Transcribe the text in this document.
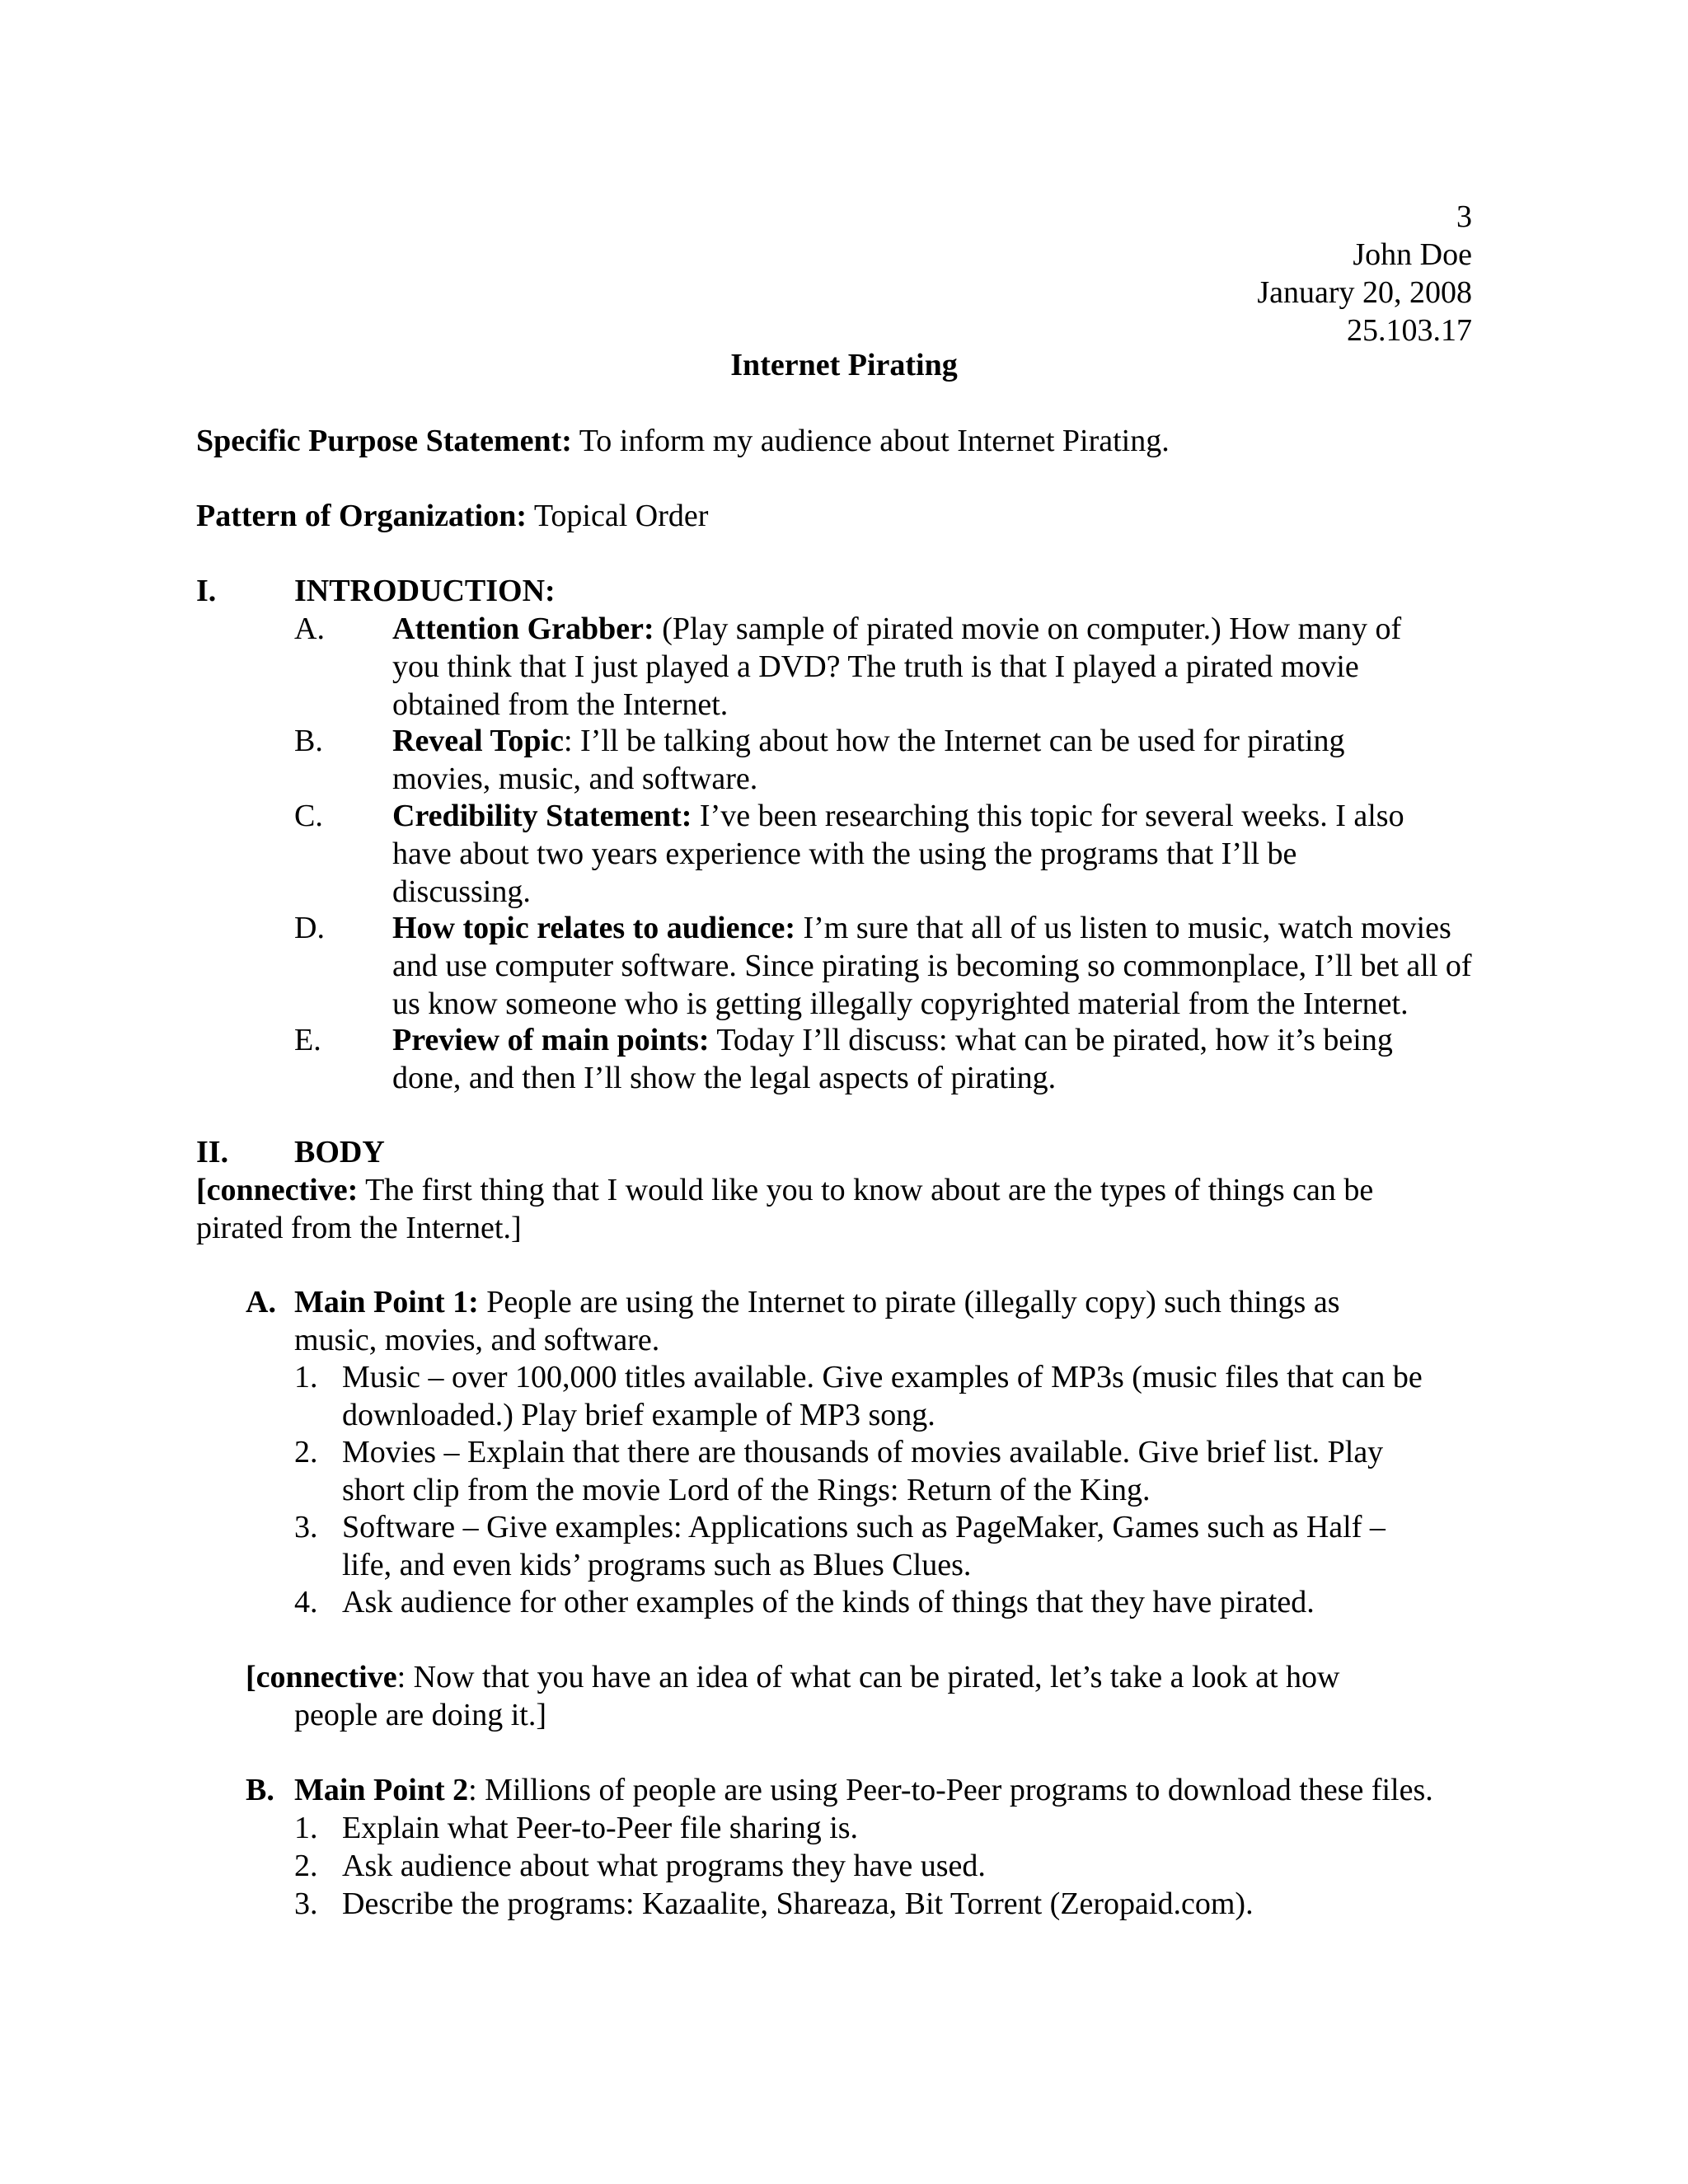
3
John Doe
January 20, 2008
25.103.17
Internet Pirating
Specific Purpose Statement: To inform my audience about Internet Pirating.
Pattern of Organization: Topical Order
I. INTRODUCTION:
A. Attention Grabber: (Play sample of pirated movie on computer.) How many of
you think that I just played a DVD? The truth is that I played a pirated movie
obtained from the Internet.
B. Reveal Topic: I’ll be talking about how the Internet can be used for pirating
movies, music, and software.
C. Credibility Statement: I’ve been researching this topic for several weeks. I also
have about two years experience with the using the programs that I’ll be
discussing.
D. How topic relates to audience: I’m sure that all of us listen to music, watch movies
and use computer software. Since pirating is becoming so commonplace, I’ll bet all of
us know someone who is getting illegally copyrighted material from the Internet.
E. Preview of main points: Today I’ll discuss: what can be pirated, how it’s being
done, and then I’ll show the legal aspects of pirating.
II. BODY
[connective: The first thing that I would like you to know about are the types of things can be
pirated from the Internet.]
A. Main Point 1: People are using the Internet to pirate (illegally copy) such things as
music, movies, and software.
1. Music – over 100,000 titles available. Give examples of MP3s (music files that can be
downloaded.) Play brief example of MP3 song.
2. Movies – Explain that there are thousands of movies available. Give brief list. Play
short clip from the movie Lord of the Rings: Return of the King.
3. Software – Give examples: Applications such as PageMaker, Games such as Half –
life, and even kids’ programs such as Blues Clues.
4. Ask audience for other examples of the kinds of things that they have pirated.
[connective: Now that you have an idea of what can be pirated, let’s take a look at how
people are doing it.]
B. Main Point 2: Millions of people are using Peer-to-Peer programs to download these files.
1. Explain what Peer-to-Peer file sharing is.
2. Ask audience about what programs they have used.
3. Describe the programs: Kazaalite, Shareaza, Bit Torrent (Zeropaid.com).
